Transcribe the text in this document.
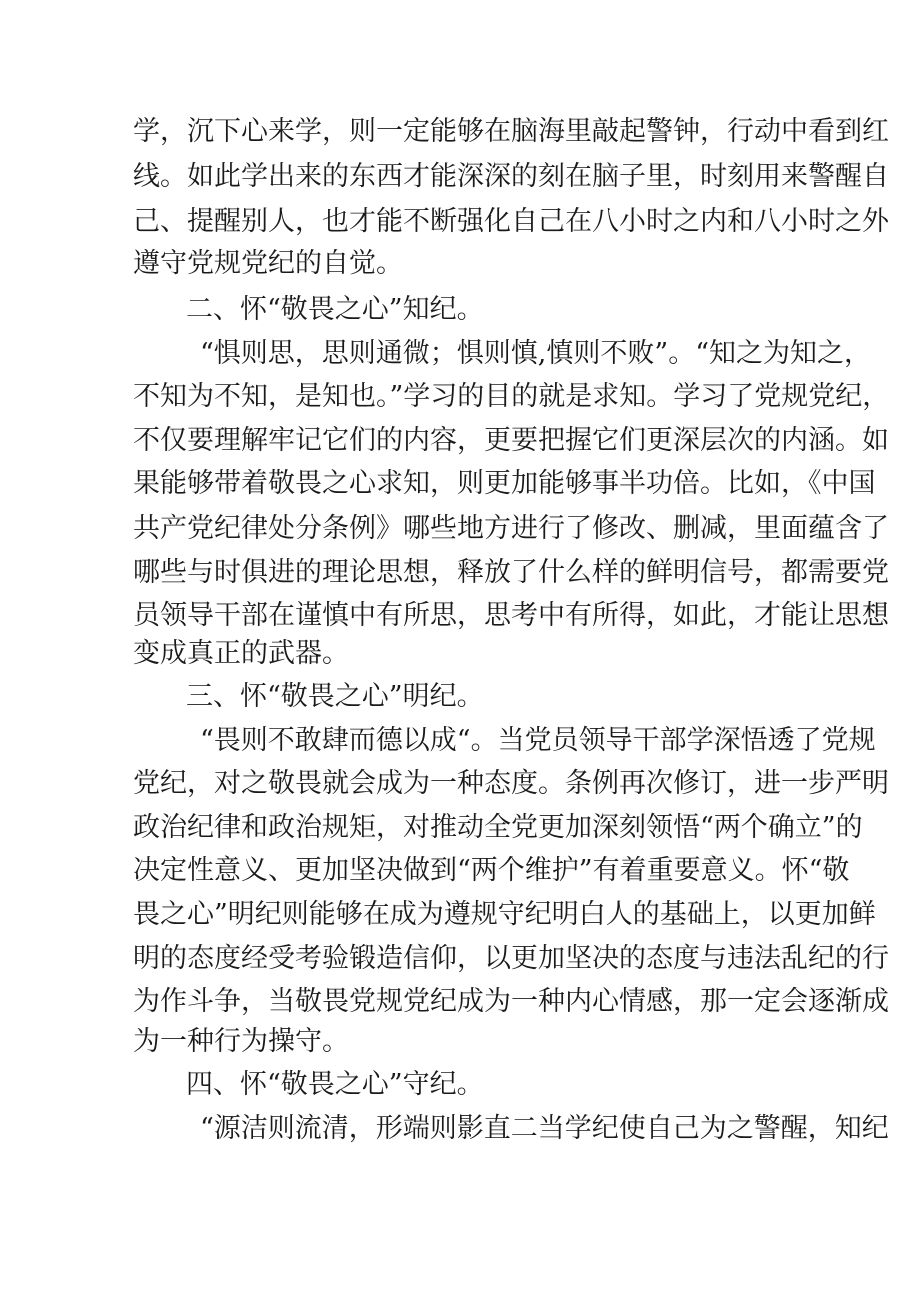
学，沉下心来学，则一定能够在脑海里敲起警钟，行动中看到红
线。如此学出来的东西才能深深的刻在脑子里，时刻用来警醒自
己、提醒别人，也才能不断强化自己在八小时之内和八小时之外
遵守党规党纪的自觉。
二、怀“敬畏之心”知纪。
“惧则思，思则通微；惧则慎,慎则不败”。“知之为知之，
不知为不知，是知也。”学习的目的就是求知。学习了党规党纪，
不仅要理解牢记它们的内容，更要把握它们更深层次的内涵。如
果能够带着敬畏之心求知，则更加能够事半功倍。比如，《中国
共产党纪律处分条例》哪些地方进行了修改、删减，里面蕴含了
哪些与时俱进的理论思想，释放了什么样的鲜明信号，都需要党
员领导干部在谨慎中有所思，思考中有所得，如此，才能让思想
变成真正的武器。
三、怀“敬畏之心”明纪。
“畏则不敢肆而德以成“。当党员领导干部学深悟透了党规
党纪，对之敬畏就会成为一种态度。条例再次修订，进一步严明
政治纪律和政治规矩，对推动全党更加深刻领悟“两个确立”的
决定性意义、更加坚决做到“两个维护”有着重要意义。怀“敬
畏之心”明纪则能够在成为遵规守纪明白人的基础上，以更加鲜
明的态度经受考验锻造信仰，以更加坚决的态度与违法乱纪的行
为作斗争，当敬畏党规党纪成为一种内心情感，那一定会逐渐成
为一种行为操守。
四、怀“敬畏之心”守纪。
“源洁则流清，形端则影直二当学纪使自己为之警醒，知纪
